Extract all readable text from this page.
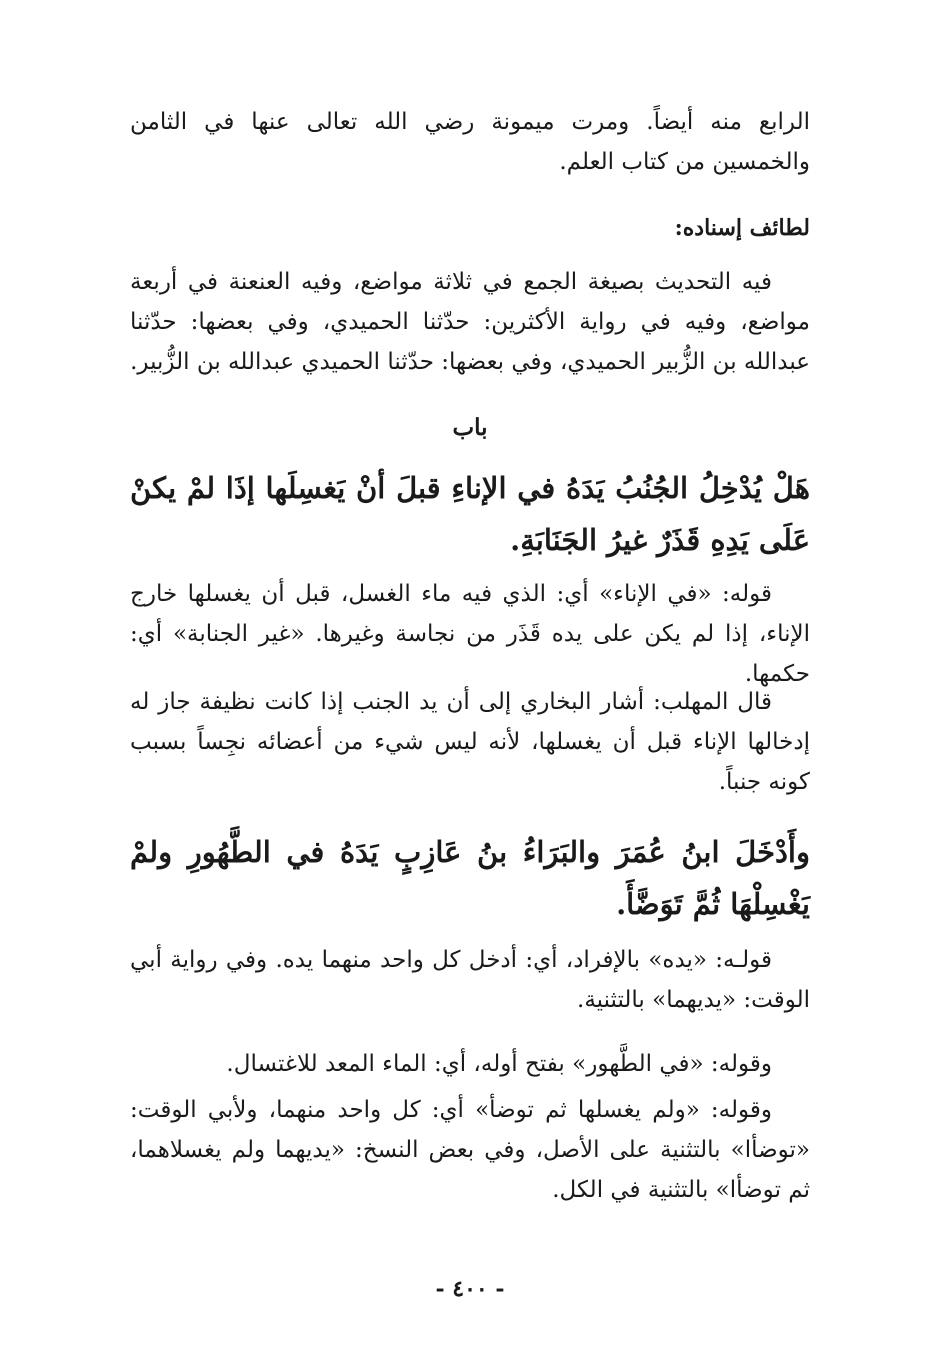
الرابع منه أيضاً. ومرت ميمونة رضي الله تعالى عنها في الثامن والخمسين من كتاب العلم.
لطائف إسناده:
فيه التحديث بصيغة الجمع في ثلاثة مواضع، وفيه العنعنة في أربعة مواضع، وفيه في رواية الأكثرين: حدّثنا الحميدي، وفي بعضها: حدّثنا عبدالله بن الزُّبير الحميدي، وفي بعضها: حدّثنا الحميدي عبدالله بن الزُّبير.
باب
هَلْ يُدْخِلُ الجُنُبُ يَدَهُ في الإناءِ قبلَ أنْ يَغسِلَها إذَا لمْ يكنْ عَلَى يَدِهِ قَذَرٌ غيرُ الجَنَابَةِ.
قوله: «في الإناء» أي: الذي فيه ماء الغسل، قبل أن يغسلها خارج الإناء، إذا لم يكن على يده قَذَر من نجاسة وغيرها. «غير الجنابة» أي: حكمها.
قال المهلب: أشار البخاري إلى أن يد الجنب إذا كانت نظيفة جاز له إدخالها الإناء قبل أن يغسلها، لأنه ليس شيء من أعضائه نجِساً بسبب كونه جنباً.
وأَدْخَلَ ابنُ عُمَرَ والبَرَاءُ بنُ عَازِبٍ يَدَهُ في الطَّهُورِ ولمْ يَغْسِلْهَا ثُمَّ تَوَضَّأَ.
قولـه: «يده» بالإفراد، أي: أدخل كل واحد منهما يده. وفي رواية أبي الوقت: «يديهما» بالتثنية.
وقوله: «في الطَّهور» بفتح أوله، أي: الماء المعد للاغتسال.
وقوله: «ولم يغسلها ثم توضأ» أي: كل واحد منهما، ولأبي الوقت: «توضأا» بالتثنية على الأصل، وفي بعض النسخ: «يديهما ولم يغسلاهما، ثم توضأا» بالتثنية في الكل.
- ٤٠٠ -
